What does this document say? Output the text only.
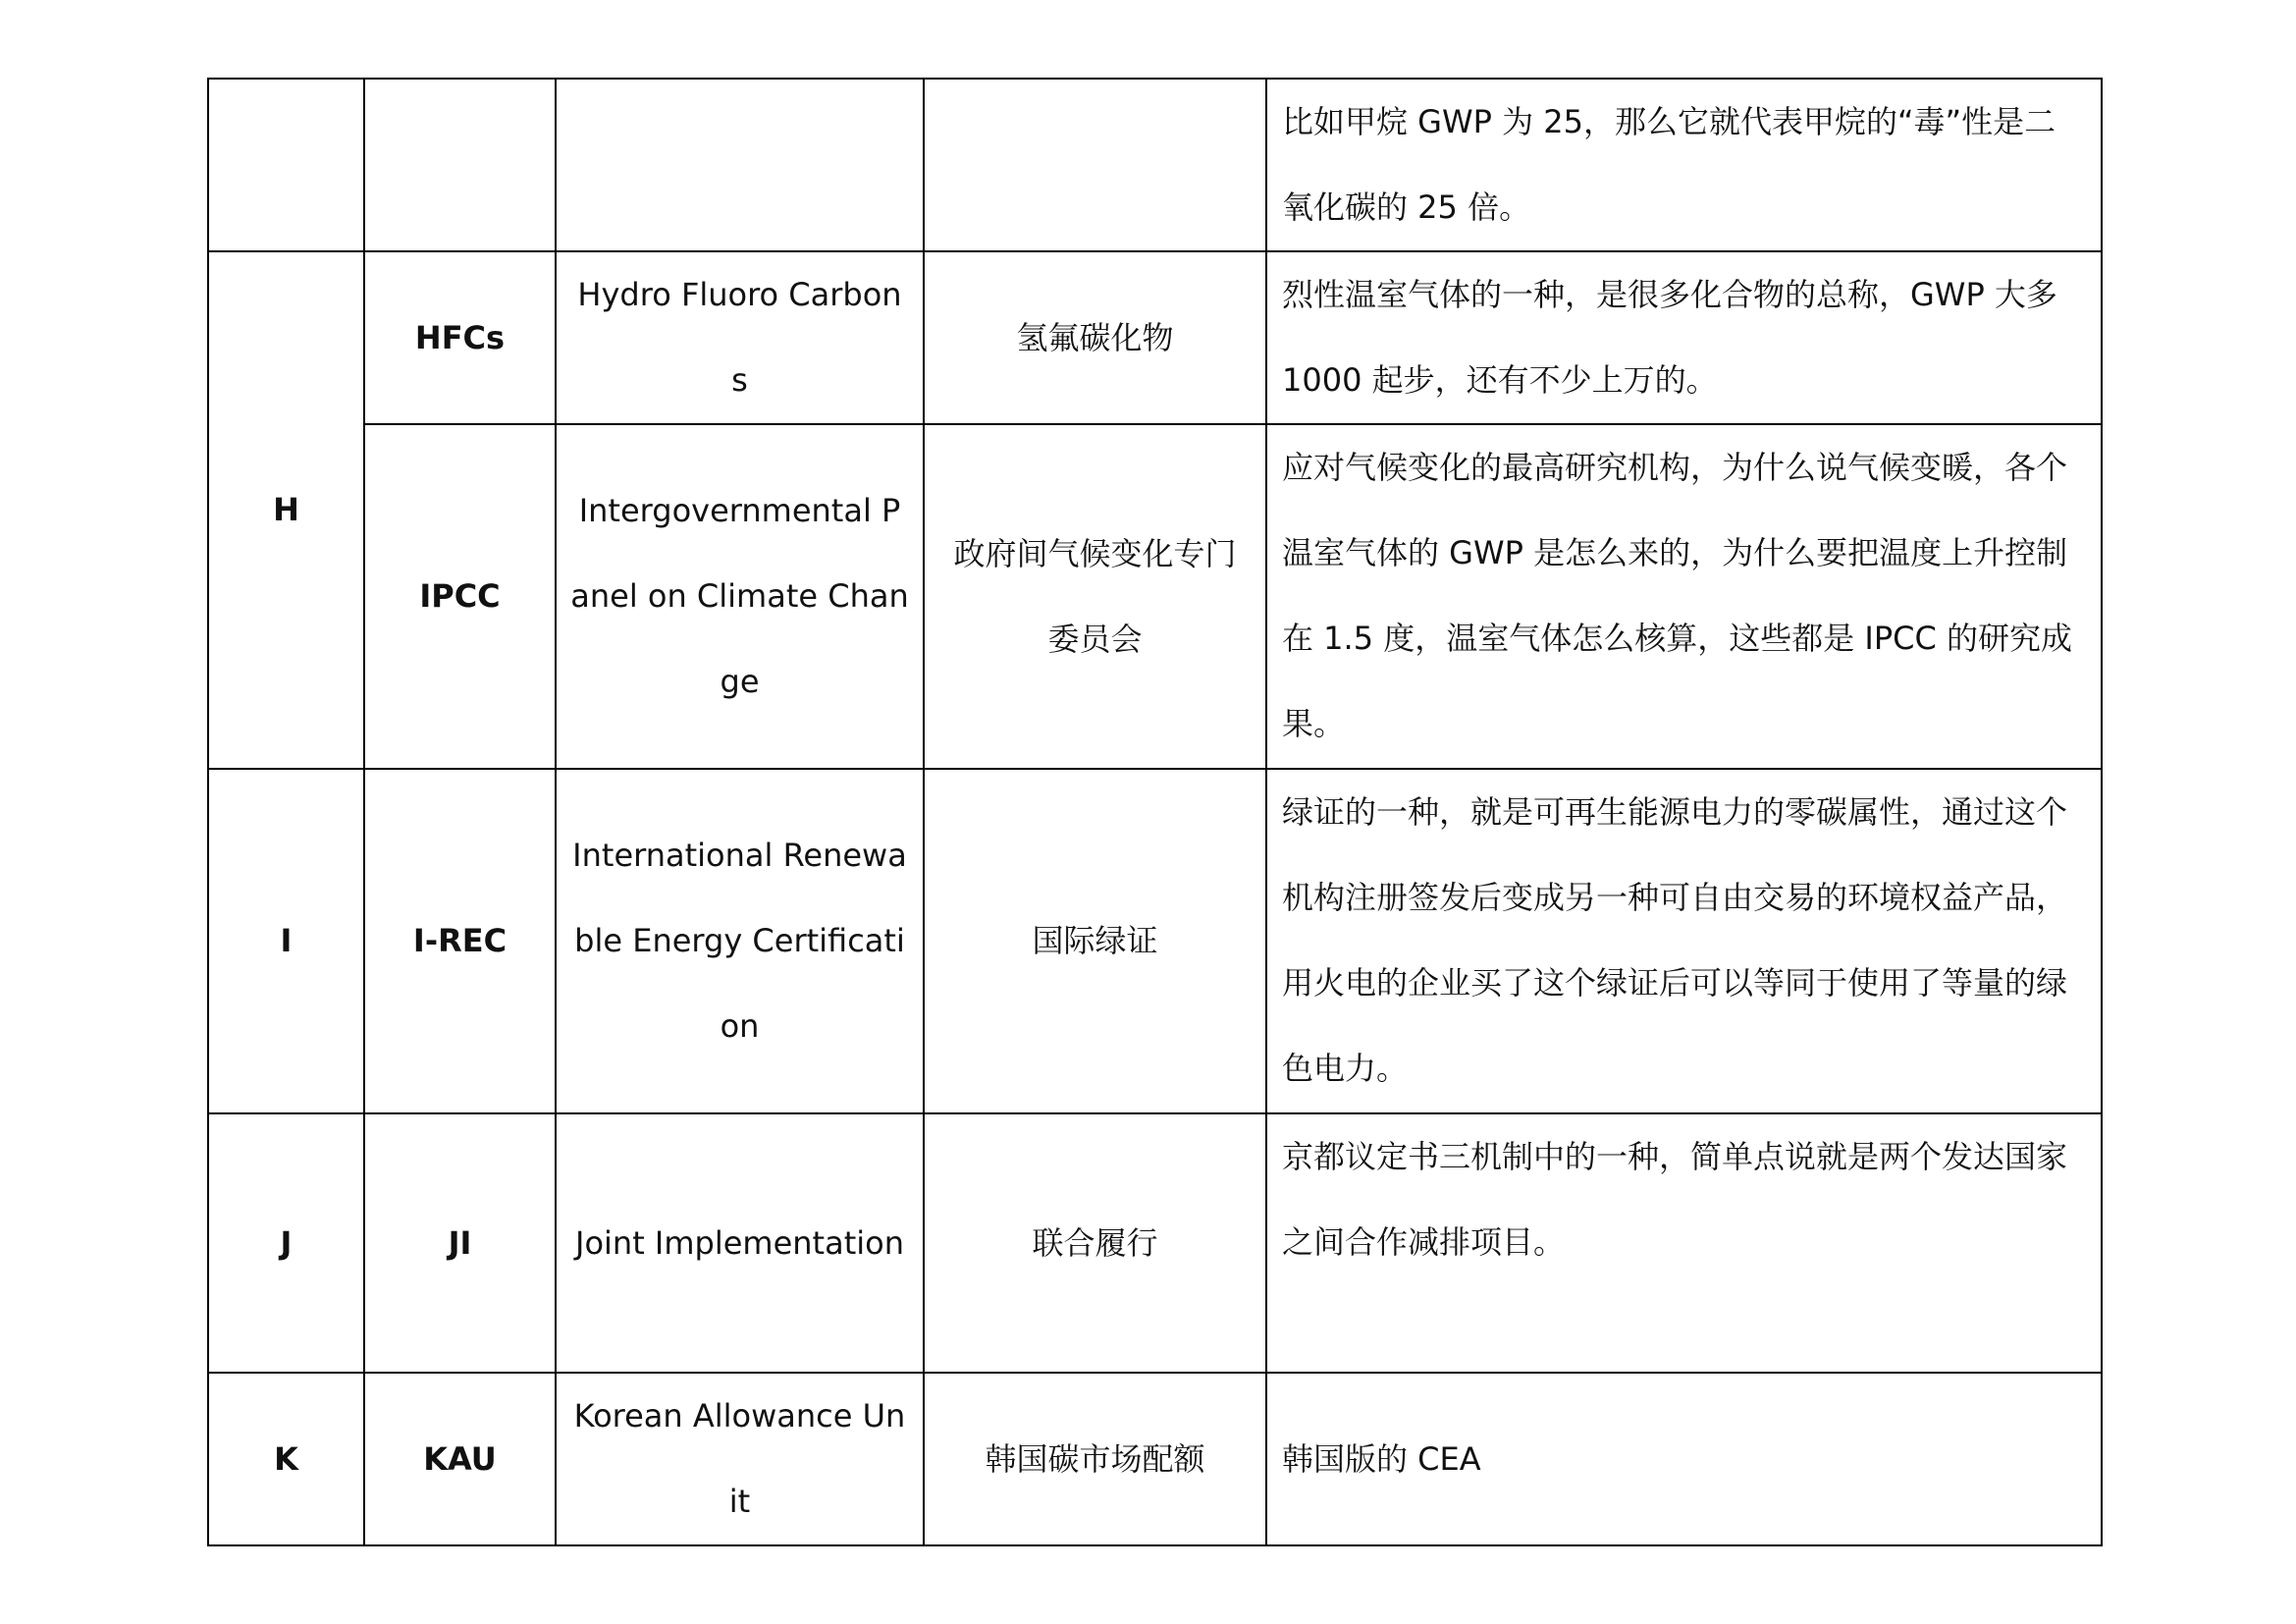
				比如甲烷 GWP 为 25，那么它就代表甲烷的“毒”性是二氧化碳的 25 倍。
H	HFCs	Hydro Fluoro Carbons	氢氟碳化物	烈性温室气体的一种，是很多化合物的总称，GWP 大多 1000 起步，还有不少上万的。
	IPCC	Intergovernmental Panel on Climate Change	政府间气候变化专门委员会	应对气候变化的最高研究机构，为什么说气候变暖，各个温室气体的 GWP 是怎么来的，为什么要把温度上升控制在 1.5 度，温室气体怎么核算，这些都是 IPCC 的研究成果。
I	I-REC	International Renewable Energy Certification	国际绿证	绿证的一种，就是可再生能源电力的零碳属性，通过这个机构注册签发后变成另一种可自由交易的环境权益产品，用火电的企业买了这个绿证后可以等同于使用了等量的绿色电力。
J	JI	Joint Implementation	联合履行	京都议定书三机制中的一种，简单点说就是两个发达国家之间合作减排项目。
K	KAU	Korean Allowance Unit	韩国碳市场配额	韩国版的 CEA
